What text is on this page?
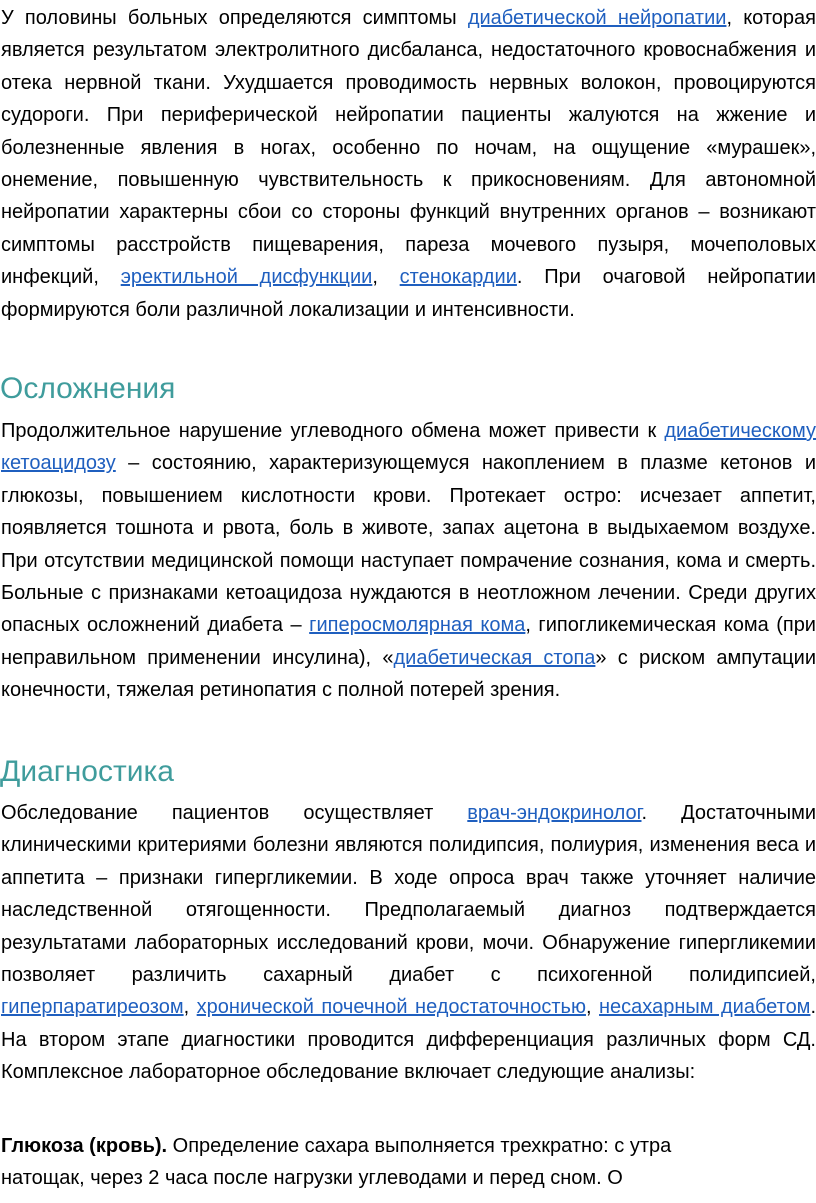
У половины больных определяются симптомы диабетической нейропатии, которая является результатом электролитного дисбаланса, недостаточного кровоснабжения и отека нервной ткани. Ухудшается проводимость нервных волокон, провоцируются судороги. При периферической нейропатии пациенты жалуются на жжение и болезненные явления в ногах, особенно по ночам, на ощущение «мурашек», онемение, повышенную чувствительность к прикосновениям. Для автономной нейропатии характерны сбои со стороны функций внутренних органов – возникают симптомы расстройств пищеварения, пареза мочевого пузыря, мочеполовых инфекций, эректильной дисфункции, стенокардии. При очаговой нейропатии формируются боли различной локализации и интенсивности.

Осложнения

Продолжительное нарушение углеводного обмена может привести к диабетическому кетоацидозу – состоянию, характеризующемуся накоплением в плазме кетонов и глюкозы, повышением кислотности крови. Протекает остро: исчезает аппетит, появляется тошнота и рвота, боль в животе, запах ацетона в выдыхаемом воздухе. При отсутствии медицинской помощи наступает помрачение сознания, кома и смерть. Больные с признаками кетоацидоза нуждаются в неотложном лечении. Среди других опасных осложнений диабета – гиперосмолярная кома, гипогликемическая кома (при неправильном применении инсулина), «диабетическая стопа» с риском ампутации конечности, тяжелая ретинопатия с полной потерей зрения.

Диагностика

Обследование пациентов осуществляет врач-эндокринолог. Достаточными клиническими критериями болезни являются полидипсия, полиурия, изменения веса и аппетита – признаки гипергликемии. В ходе опроса врач также уточняет наличие наследственной отягощенности. Предполагаемый диагноз подтверждается результатами лабораторных исследований крови, мочи. Обнаружение гипергликемии позволяет различить сахарный диабет с психогенной полидипсией, гиперпаратиреозом, хронической почечной недостаточностью, несахарным диабетом. На втором этапе диагностики проводится дифференциация различных форм СД. Комплексное лабораторное обследование включает следующие анализы:

Глюкоза (кровь). Определение сахара выполняется трехкратно: с утра натощак, через 2 часа после нагрузки углеводами и перед сном. О
